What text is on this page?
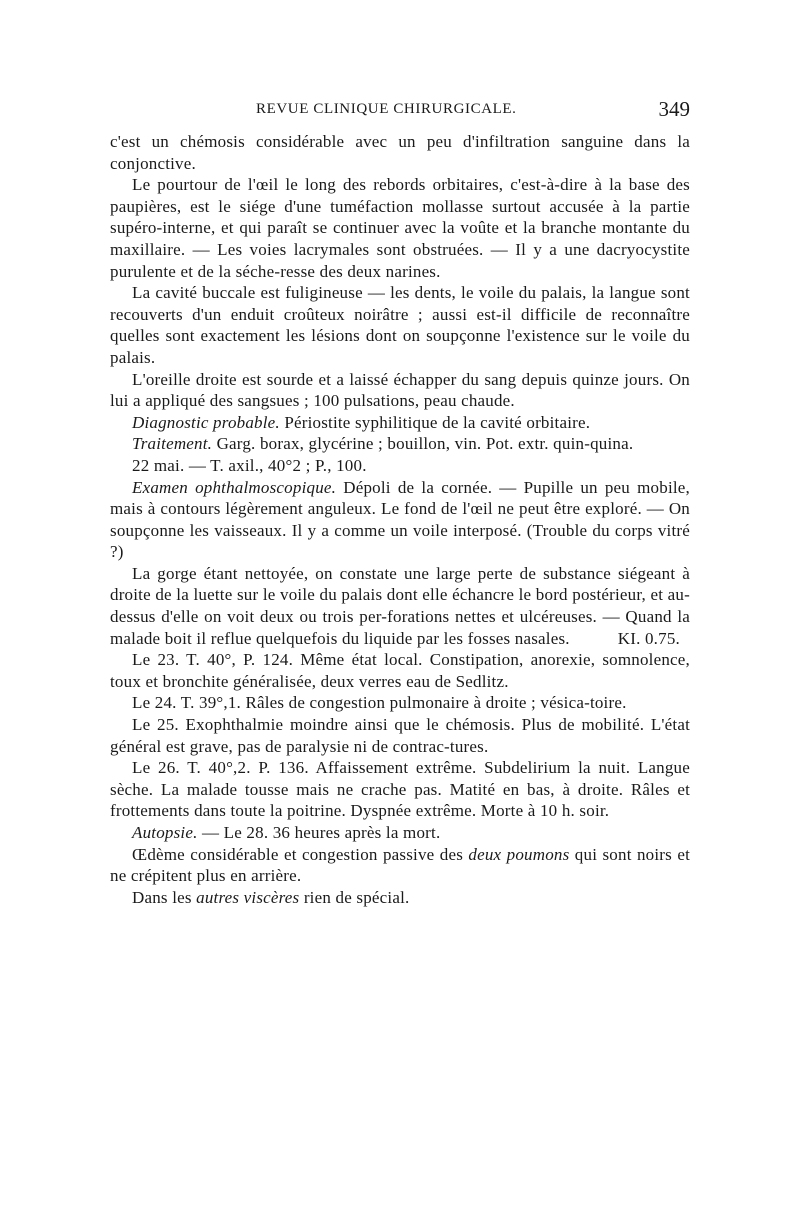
REVUE CLINIQUE CHIRURGICALE.	349

c'est un chémosis considérable avec un peu d'infiltration sanguine dans la conjonctive.

Le pourtour de l'œil le long des rebords orbitaires, c'est-à-dire à la base des paupières, est le siége d'une tuméfaction mollasse surtout accusée à la partie supéro-interne, et qui paraît se continuer avec la voûte et la branche montante du maxillaire. — Les voies lacrymales sont obstruées. — Il y a une dacryocystite purulente et de la séche-resse des deux narines.

La cavité buccale est fuligineuse — les dents, le voile du palais, la langue sont recouverts d'un enduit croûteux noirâtre ; aussi est-il difficile de reconnaître quelles sont exactement les lésions dont on soupçonne l'existence sur le voile du palais.

L'oreille droite est sourde et a laissé échapper du sang depuis quinze jours. On lui a appliqué des sangsues ; 100 pulsations, peau chaude.

Diagnostic probable. Périostite syphilitique de la cavité orbitaire.

Traitement. Garg. borax, glycérine ; bouillon, vin. Pot. extr. quin-quina.

22 mai. — T. axil., 40°2 ; P., 100.

Examen ophthalmoscopique. Dépoli de la cornée. — Pupille un peu mobile, mais à contours légèrement anguleux. Le fond de l'œil ne peut être exploré. — On soupçonne les vaisseaux. Il y a comme un voile interposé. (Trouble du corps vitré ?)

La gorge étant nettoyée, on constate une large perte de substance siégeant à droite de la luette sur le voile du palais dont elle échancre le bord postérieur, et au-dessus d'elle on voit deux ou trois per-forations nettes et ulcéreuses. — Quand la malade boit il reflue quelquefois du liquide par les fosses nasales.	KI. 0.75.

Le 23. T. 40°, P. 124. Même état local. Constipation, anorexie, somnolence, toux et bronchite généralisée, deux verres eau de Sedlitz.

Le 24. T. 39°,1. Râles de congestion pulmonaire à droite ; vésica-toire.

Le 25. Exophthalmie moindre ainsi que le chémosis. Plus de mobilité. L'état général est grave, pas de paralysie ni de contrac-tures.

Le 26. T. 40°,2. P. 136. Affaissement extrême. Subdelirium la nuit. Langue sèche. La malade tousse mais ne crache pas. Matité en bas, à droite. Râles et frottements dans toute la poitrine. Dyspnée extrême. Morte à 10 h. soir.

Autopsie. — Le 28. 36 heures après la mort.

Œdème considérable et congestion passive des deux poumons qui sont noirs et ne crépitent plus en arrière.

Dans les autres viscères rien de spécial.
